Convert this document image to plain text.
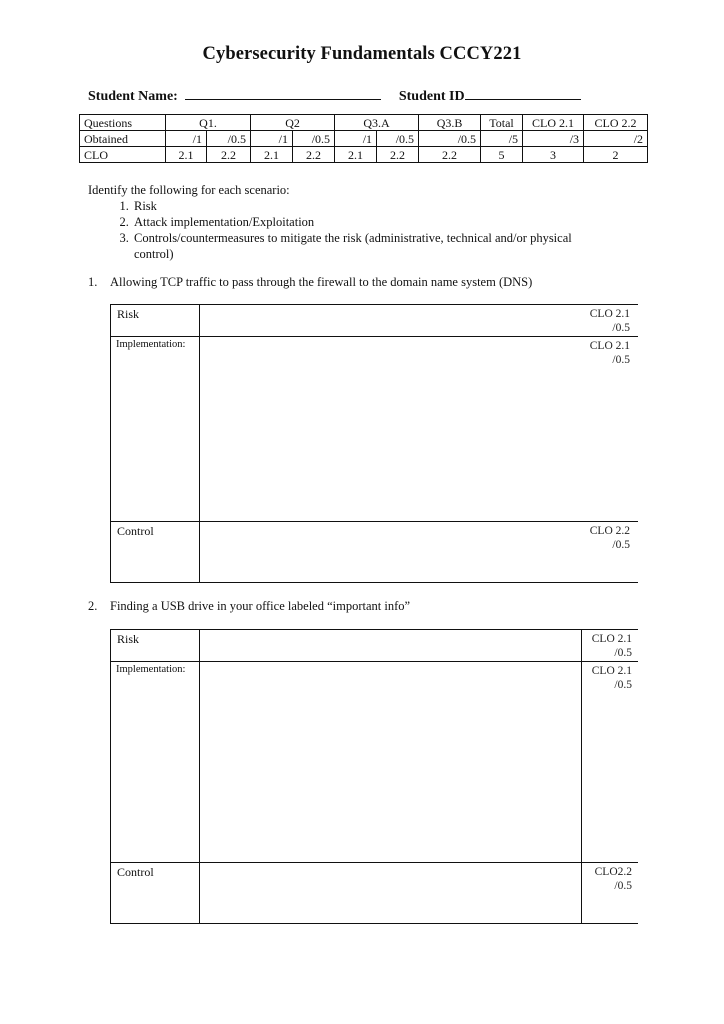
Cybersecurity Fundamentals CCCY221
Student Name:	Student ID
Questions	Q1.		Q2		Q3.A		Q3.B	Total	CLO 2.1	CLO 2.2
Obtained	/1	/0.5	/1	/0.5	/1	/0.5	/0.5	/5	/3	/2
CLO	2.1	2.2	2.1	2.2	2.1	2.2	2.2	5	3	2
Identify the following for each scenario:
1. Risk
2. Attack implementation/Exploitation
3. Controls/countermeasures to mitigate the risk (administrative, technical and/or physical control)
1. Allowing TCP traffic to pass through the firewall to the domain name system (DNS)
Risk	CLO 2.1
/0.5
Implementation:	CLO 2.1
/0.5
Control	CLO 2.2
/0.5
2. Finding a USB drive in your office labeled “important info”
Risk	CLO 2.1
/0.5
Implementation:	CLO 2.1
/0.5
Control	CLO2.2
/0.5
